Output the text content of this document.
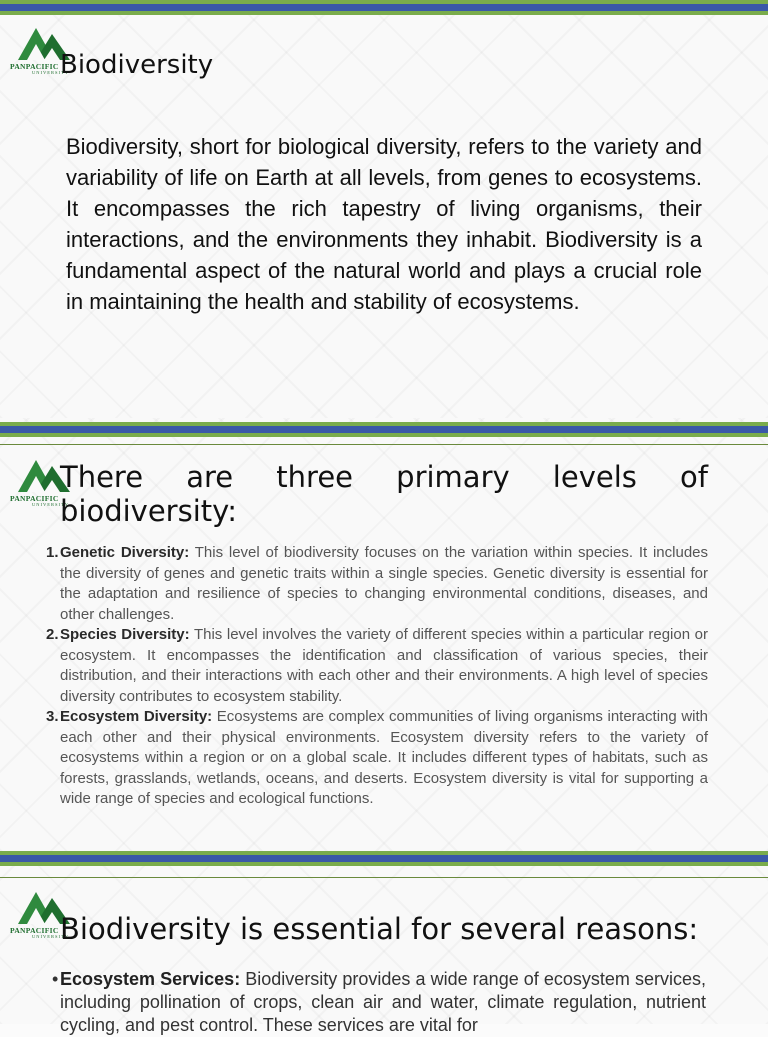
PANPACIFIC
UNIVERSITY
Biodiversity

Biodiversity, short for biological diversity, refers to the variety and variability of life on Earth at all levels, from genes to ecosystems. It encompasses the rich tapestry of living organisms, their interactions, and the environments they inhabit. Biodiversity is a fundamental aspect of the natural world and plays a crucial role in maintaining the health and stability of ecosystems.

PANPACIFIC
UNIVERSITY
There are three primary levels of biodiversity:
1. Genetic Diversity: This level of biodiversity focuses on the variation within species. It includes the diversity of genes and genetic traits within a single species. Genetic diversity is essential for the adaptation and resilience of species to changing environmental conditions, diseases, and other challenges.
2. Species Diversity: This level involves the variety of different species within a particular region or ecosystem. It encompasses the identification and classification of various species, their distribution, and their interactions with each other and their environments. A high level of species diversity contributes to ecosystem stability.
3. Ecosystem Diversity: Ecosystems are complex communities of living organisms interacting with each other and their physical environments. Ecosystem diversity refers to the variety of ecosystems within a region or on a global scale. It includes different types of habitats, such as forests, grasslands, wetlands, oceans, and deserts. Ecosystem diversity is vital for supporting a wide range of species and ecological functions.
PANPACIFIC
UNIVERSITY
Biodiversity is essential for several reasons:
• Ecosystem Services: Biodiversity provides a wide range of ecosystem services, including pollination of crops, clean air and water, climate regulation, nutrient cycling, and pest control. These services are vital for
